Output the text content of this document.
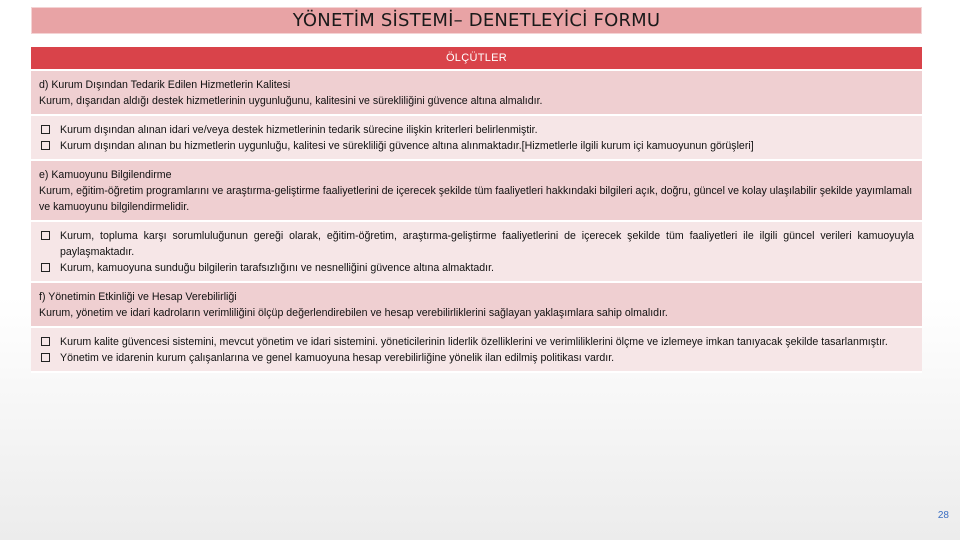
YÖNETİM SİSTEMİ– DENETLEYİCİ FORMU
ÖLÇÜTLER
d) Kurum Dışından Tedarik Edilen Hizmetlerin Kalitesi
Kurum, dışarıdan aldığı destek hizmetlerinin uygunluğunu, kalitesini ve sürekliliğini güvence altına almalıdır.
Kurum dışından alınan idari ve/veya destek hizmetlerinin tedarik sürecine ilişkin kriterleri belirlenmiştir.
Kurum dışından alınan bu hizmetlerin uygunluğu, kalitesi ve sürekliliği güvence altına alınmaktadır.[Hizmetlerle ilgili kurum içi kamuoyunun görüşleri]
e) Kamuoyunu Bilgilendirme
Kurum, eğitim-öğretim programlarını ve araştırma-geliştirme faaliyetlerini de içerecek şekilde tüm faaliyetleri hakkındaki bilgileri açık, doğru, güncel ve kolay ulaşılabilir şekilde yayımlamalı ve kamuoyunu bilgilendirmelidir.
Kurum, topluma karşı sorumluluğunun gereği olarak, eğitim-öğretim, araştırma-geliştirme faaliyetlerini de içerecek şekilde tüm faaliyetleri ile ilgili güncel verileri kamuoyuyla paylaşmaktadır.
Kurum, kamuoyuna sunduğu bilgilerin tarafsızlığını ve nesnelliğini güvence altına almaktadır.
f) Yönetimin Etkinliği ve Hesap Verebilirliği
Kurum, yönetim ve idari kadroların verimliliğini ölçüp değerlendirebilen ve hesap verebilirliklerini sağlayan yaklaşımlara sahip olmalıdır.
Kurum kalite güvencesi sistemini, mevcut yönetim ve idari sistemini. yöneticilerinin liderlik özelliklerini ve verimliliklerini ölçme ve izlemeye imkan tanıyacak şekilde tasarlanmıştır.
Yönetim ve idarenin kurum çalışanlarına ve genel kamuoyuna hesap verebilirliğine yönelik ilan edilmiş politikası vardır.
28
